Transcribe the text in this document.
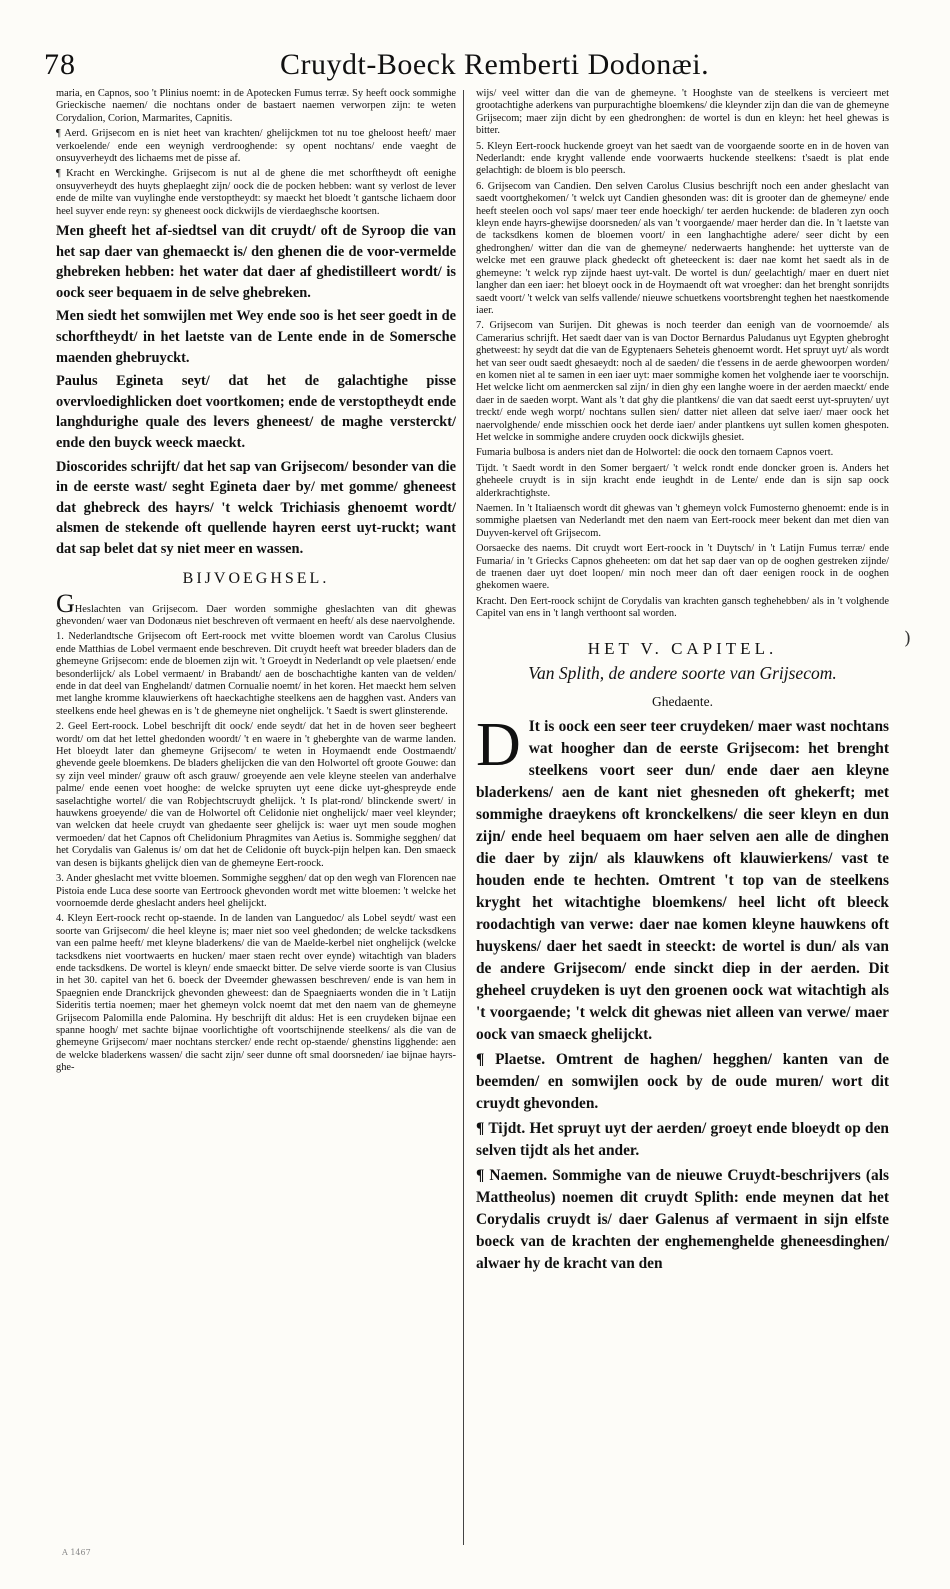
78	Cruydt-Boeck Remberti Dodonæi.

maria, en Capnos, soo 't Plinius noemt: in de Apotecken Fumus terræ. Sy heeft oock sommighe Grieckische naemen/ die nochtans onder de bastaert naemen verworpen zijn: te weten Corydalion, Corion, Marmarites, Capnitis.

¶ Aerd. Grijsecom en is niet heet van krachten/ ghelijckmen tot nu toe gheloost heeft/ maer verkoelende/ ende een weynigh verdrooghende: sy opent nochtans/ ende vaeght de onsuyverheydt des lichaems met de pisse af.

¶ Kracht en Werckinghe. Grijsecom is nut al de ghene die met schorftheydt oft eenighe onsuyverheydt des huyts gheplaeght zijn/ oock die de pocken hebben: want sy verlost de lever ende de milte van vuylinghe ende verstoptheydt: sy maeckt het bloedt 't gantsche lichaem door heel suyver ende reyn: sy gheneest oock dickwijls de vierdaeghsche koortsen.

Men gheeft het af-siedtsel van dit cruydt/ oft de Syroop die van het sap daer van ghemaeckt is/ den ghenen die de voor-vermelde ghebreken hebben: het water dat daer af ghedistilleert wordt/ is oock seer bequaem in de selve ghebreken.

Men siedt het somwijlen met Wey ende soo is het seer goedt in de schorftheydt/ in het laetste van de Lente ende in de Somersche maenden ghebruyckt.

Paulus Egineta seyt/ dat het de galachtighe pisse overvloedighlicken doet voortkomen; ende de verstoptheydt ende langhdurighe quale des levers gheneest/ de maghe versterckt/ ende den buyck weeck maeckt.

Dioscorides schrijft/ dat het sap van Grijsecom/ besonder van die in de eerste wast/ seght Egineta daer by/ met gomme/ gheneest dat ghebreck des hayrs/ 't welck Trichiasis ghenoemt wordt/ alsmen de stekende oft quellende hayren eerst uyt-ruckt; want dat sap belet dat sy niet meer en wassen.

BIJVOEGHSEL.

GHeslachten van Grijsecom. Daer worden sommighe gheslachten van dit ghewas ghevonden/ waer van Dodonæus niet beschreven oft vermaent en heeft/ als dese naervolghende.

1. Nederlandtsche Grijsecom oft Eert-roock met vvitte bloemen wordt van Carolus Clusius ende Matthias de Lobel vermaent ende beschreven. Dit cruydt heeft wat breeder bladers dan de ghemeyne Grijsecom: ende de bloemen zijn wit. 't Groeydt in Nederlandt op vele plaetsen/ ende besonderlijck/ als Lobel vermaent/ in Brabandt/ aen de boschachtighe kanten van de velden/ ende in dat deel van Enghelandt/ datmen Cornualie noemt/ in het koren. Het maeckt hem selven met langhe kromme klauwierkens oft haeckachtighe steelkens aen de hagghen vast. Anders van steelkens ende heel ghewas en is 't de ghemeyne niet onghelijck. 't Saedt is swert glinsterende.

2. Geel Eert-roock. Lobel beschrijft dit oock/ ende seydt/ dat het in de hoven seer begheert wordt/ om dat het lettel ghedonden woordt/ 't en waere in 't gheberghte van de warme landen. Het bloeydt later dan ghemeyne Grijsecom/ te weten in Hoymaendt ende Oostmaendt/ ghevende geele bloemkens. De bladers ghelijcken die van den Holwortel oft groote Gouwe: dan sy zijn veel minder/ grauw oft asch grauw/ groeyende aen vele kleyne steelen van anderhalve palme/ ende eenen voet hooghe: de welcke spruyten uyt eene dicke uyt-ghespreyde ende saselachtighe wortel/ die van Robjechtscruydt ghelijck. 't Is plat-rond/ blinckende swert/ in hauwkens groeyende/ die van de Holwortel oft Celidonie niet onghelijck/ maer veel kleynder; van welcken dat heele cruydt van ghedaente seer ghelijck is: waer uyt men soude moghen vermoeden/ dat het Capnos oft Chelidonium Phragmites van Aetius is. Sommighe segghen/ dat het Corydalis van Galenus is/ om dat het de Celidonie oft buyck-pijn helpen kan. Den smaeck van desen is bijkants ghelijck dien van de ghemeyne Eert-roock.

3. Ander gheslacht met vvitte bloemen. Sommighe segghen/ dat op den wegh van Florencen nae Pistoia ende Luca dese soorte van Eertroock ghevonden wordt met witte bloemen: 't welcke het voornoemde derde gheslacht anders heel ghelijckt.

4. Kleyn Eert-roock recht op-staende. In de landen van Languedoc/ als Lobel seydt/ wast een soorte van Grijsecom/ die heel kleyne is; maer niet soo veel ghedonden; de welcke tacksdkens van een palme heeft/ met kleyne bladerkens/ die van de Maelde-kerbel niet onghelijck (welcke tacksdkens niet voortwaerts en hucken/ maer staen recht over eynde) witachtigh van bladers ende tacksdkens. De wortel is kleyn/ ende smaeckt bitter. De selve vierde soorte is van Clusius in het 30. capitel van het 6. boeck der Dveemder ghewassen beschreven/ ende is van hem in Spaegnien ende Dranckrijck ghevonden gheweest: dan de Spaegniaerts wonden die in 't Latijn Sideritis tertia noemen; maer het ghemeyn volck noemt dat met den naem van de ghemeyne Grijsecom Palomilla ende Palomina. Hy beschrijft dit aldus: Het is een cruydeken bijnae een spanne hoogh/ met sachte bijnae voorlichtighe oft voortschijnende steelkens/ als die van de ghemeyne Grijsecom/ maer nochtans stercker/ ende recht op-staende/ ghenstins ligghende: aen de welcke bladerkens wassen/ die sacht zijn/ seer dunne oft smal doorsneden/ iae bijnae hayrs-ghe-

wijs/ veel witter dan die van de ghemeyne. 't Hooghste van de steelkens is vercieert met grootachtighe aderkens van purpurachtighe bloemkens/ die kleynder zijn dan die van de ghemeyne Grijsecom; maer zijn dicht by een ghedronghen: de wortel is dun en kleyn: het heel ghewas is bitter.

5. Kleyn Eert-roock huckende groeyt van het saedt van de voorgaende soorte en in de hoven van Nederlandt: ende kryght vallende ende voorwaerts huckende steelkens: t'saedt is plat ende gelachtigh: de bloem is blo peersch.

6. Grijsecom van Candien. Den selven Carolus Clusius beschrijft noch een ander gheslacht van saedt voortghekomen/ 't welck uyt Candien ghesonden was: dit is grooter dan de ghemeyne/ ende heeft steelen ooch vol saps/ maer teer ende hoeckigh/ ter aerden huckende: de bladeren zyn ooch kleyn ende hayrs-ghewijse doorsneden/ als van 't voorgaende/ maer herder dan die. In 't laetste van de tacksdkens komen de bloemen voort/ in een langhachtighe adere/ seer dicht by een ghedronghen/ witter dan die van de ghemeyne/ nederwaerts hanghende: het uytterste van de welcke met een grauwe plack ghedeckt oft gheteeckent is: daer nae komt het saedt als in de ghemeyne: 't welck ryp zijnde haest uyt-valt. De wortel is dun/ geelachtigh/ maer en duert niet langher dan een iaer: het bloeyt oock in de Hoymaendt oft wat vroegher: dan het brenght sonrijdts saedt voort/ 't welck van selfs vallende/ nieuwe schuetkens voortsbrenght teghen het naestkomende iaer.

7. Grijsecom van Surijen. Dit ghewas is noch teerder dan eenigh van de voornoemde/ als Camerarius schrijft. Het saedt daer van is van Doctor Bernardus Paludanus uyt Egypten ghebroght ghetweest: hy seydt dat die van de Egyptenaers Seheteis ghenoemt wordt. Het spruyt uyt/ als wordt het van seer oudt saedt ghesaeydt: noch al de saeden/ die t'essens in de aerde ghewoorpen worden/ en komen niet al te samen in een iaer uyt: maer sommighe komen het volghende iaer te voorschijn. Het welcke licht om aenmercken sal zijn/ in dien ghy een langhe woere in der aerden maeckt/ ende daer in de saeden worpt. Want als 't dat ghy die plantkens/ die van dat saedt eerst uyt-spruyten/ uyt treckt/ ende wegh worpt/ nochtans sullen sien/ datter niet alleen dat selve iaer/ maer oock het naervolghende/ ende misschien oock het derde iaer/ ander plantkens uyt sullen komen ghespoten. Het welcke in sommighe andere cruyden oock dickwijls ghesiet.

Fumaria bulbosa is anders niet dan de Holwortel: die oock den tornaem Capnos voert.

Tijdt. 't Saedt wordt in den Somer bergaert/ 't welck rondt ende doncker groen is. Anders het gheheele cruydt is in sijn kracht ende ieughdt in de Lente/ ende dan is sijn sap oock alderkrachtighste.

Naemen. In 't Italiaensch wordt dit ghewas van 't ghemeyn volck Fumosterno ghenoemt: ende is in sommighe plaetsen van Nederlandt met den naem van Eert-roock meer bekent dan met dien van Duyven-kervel oft Grijsecom.

Oorsaecke des naems. Dit cruydt wort Eert-roock in 't Duytsch/ in 't Latijn Fumus terræ/ ende Fumaria/ in 't Griecks Capnos gheheeten: om dat het sap daer van op de ooghen gestreken zijnde/ de traenen daer uyt doet loopen/ min noch meer dan oft daer eenigen roock in de ooghen ghekomen waere.

Kracht. Den Eert-roock schijnt de Corydalis van krachten gansch teghehebben/ als in 't volghende Capitel van ens in 't langh verthoont sal worden.

HET V. CAPITEL.
Van Splith, de andere soorte van Grijsecom.
Ghedaente.

D It is oock een seer teer cruydeken/ maer wast nochtans wat hoogher dan de eerste Grijsecom: het brenght steelkens voort seer dun/ ende daer aen kleyne bladerkens/ aen de kant niet ghesneden oft ghekerft; met sommighe draeykens oft kronckelkens/ die seer kleyn en dun zijn/ ende heel bequaem om haer selven aen alle de dinghen die daer by zijn/ als klauwkens oft klauwierkens/ vast te houden ende te hechten. Omtrent 't top van de steelkens kryght het witachtighe bloemkens/ heel licht oft bleeck roodachtigh van verwe: daer nae komen kleyne hauwkens oft huyskens/ daer het saedt in steeckt: de wortel is dun/ als van de andere Grijsecom/ ende sinckt diep in der aerden. Dit gheheel cruydeken is uyt den groenen oock wat witachtigh als 't voorgaende; 't welck dit ghewas niet alleen van verwe/ maer oock van smaeck ghelijckt.

¶ Plaetse. Omtrent de haghen/ hegghen/ kanten van de beemden/ en somwijlen oock by de oude muren/ wort dit cruydt ghevonden.

¶ Tijdt. Het spruyt uyt der aerden/ groeyt ende bloeydt op den selven tijdt als het ander.

¶ Naemen. Sommighe van de nieuwe Cruydt-beschrijvers (als Mattheolus) noemen dit cruydt Splith: ende meynen dat het Corydalis cruydt is/ daer Galenus af vermaent in sijn elfste boeck van de krachten der enghemenghelde gheneesdinghen/ alwaer hy de kracht van den

)
A 1467
